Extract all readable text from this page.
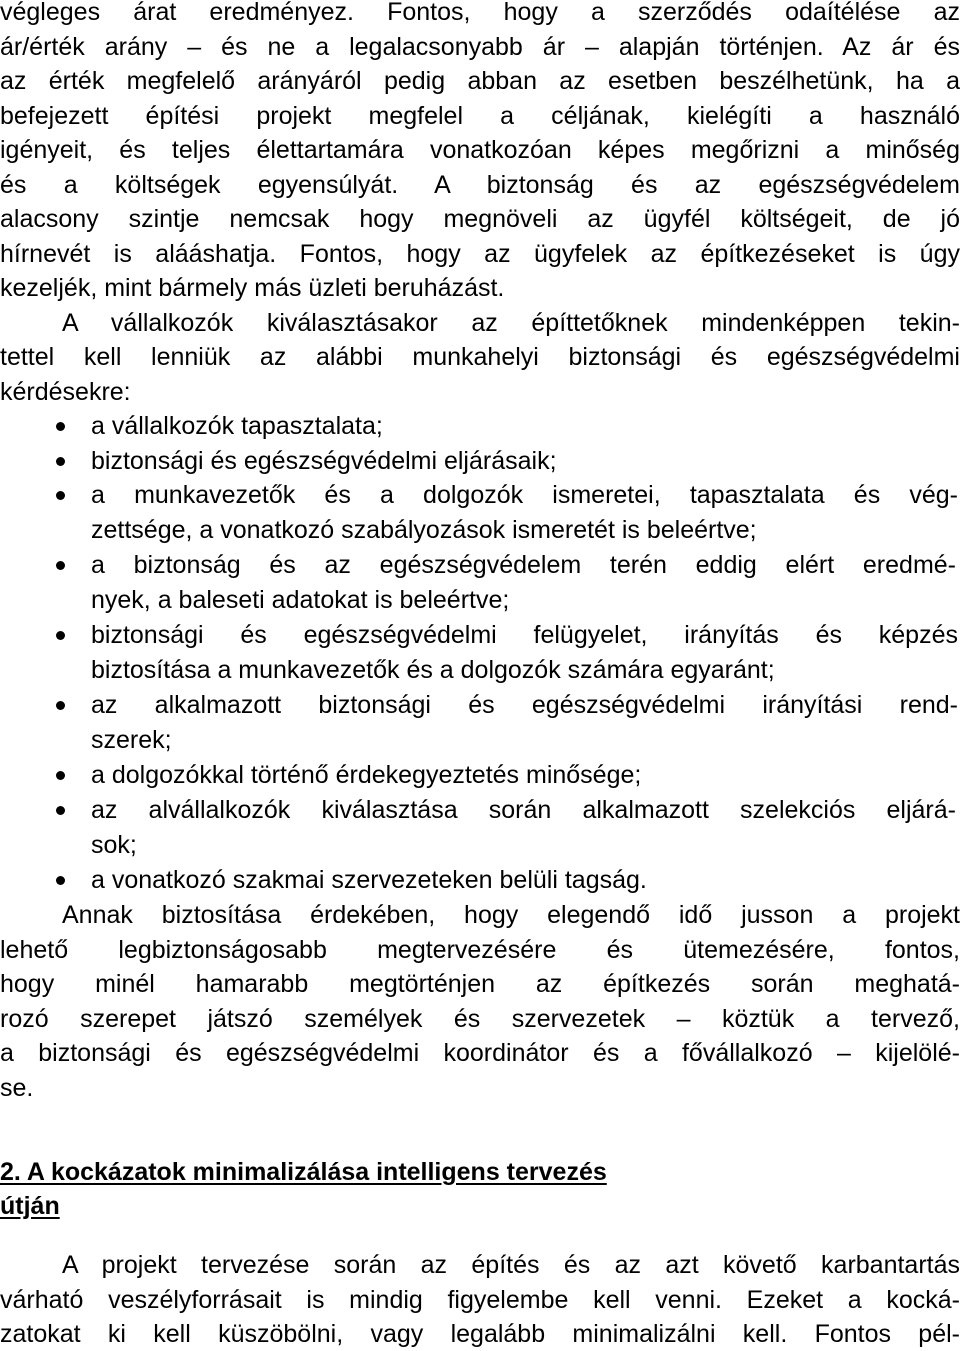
végleges árat eredményez. Fontos, hogy a szerződés odaítélése az
ár/érték arány – és ne a legalacsonyabb ár – alapján történjen. Az ár és
az érték megfelelő arányáról pedig abban az esetben beszélhetünk, ha a
befejezett építési projekt megfelel a céljának, kielégíti a használó
igényeit, és teljes élettartamára vonatkozóan képes megőrizni a minőség
és a költségek egyensúlyát. A biztonság és az egészségvédelem
alacsony szintje nemcsak hogy megnöveli az ügyfél költségeit, de jó
hírnevét is alááshatja. Fontos, hogy az ügyfelek az építkezéseket is úgy
kezeljék, mint bármely más üzleti beruházást.
A vállalkozók kiválasztásakor az építtetőknek mindenképpen tekin-
tettel kell lenniük az alábbi munkahelyi biztonsági és egészségvédelmi
kérdésekre:
a vállalkozók tapasztalata;
biztonsági és egészségvédelmi eljárásaik;
a munkavezetők és a dolgozók ismeretei, tapasztalata és vég-
zettsége, a vonatkozó szabályozások ismeretét is beleértve;
a biztonság és az egészségvédelem terén eddig elért eredmé-
nyek, a baleseti adatokat is beleértve;
biztonsági és egészségvédelmi felügyelet, irányítás és képzés
biztosítása a munkavezetők és a dolgozók számára egyaránt;
az alkalmazott biztonsági és egészségvédelmi irányítási rend-
szerek;
a dolgozókkal történő érdekegyeztetés minősége;
az alvállalkozók kiválasztása során alkalmazott szelekciós eljárá-
sok;
a vonatkozó szakmai szervezeteken belüli tagság.
Annak biztosítása érdekében, hogy elegendő idő jusson a projekt
lehető legbiztonságosabb megtervezésére és ütemezésére, fontos,
hogy minél hamarabb megtörténjen az építkezés során meghatá-
rozó szerepet játszó személyek és szervezetek – köztük a tervező,
a biztonsági és egészségvédelmi koordinátor és a fővállalkozó – kijelölé-
se.
2. A kockázatok minimalizálása intelligens tervezés
útján
A projekt tervezése során az építés és az azt követő karbantartás
várható veszélyforrásait is mindig figyelembe kell venni. Ezeket a kocká-
zatokat ki kell küszöbölni, vagy legalább minimalizálni kell. Fontos pél-
